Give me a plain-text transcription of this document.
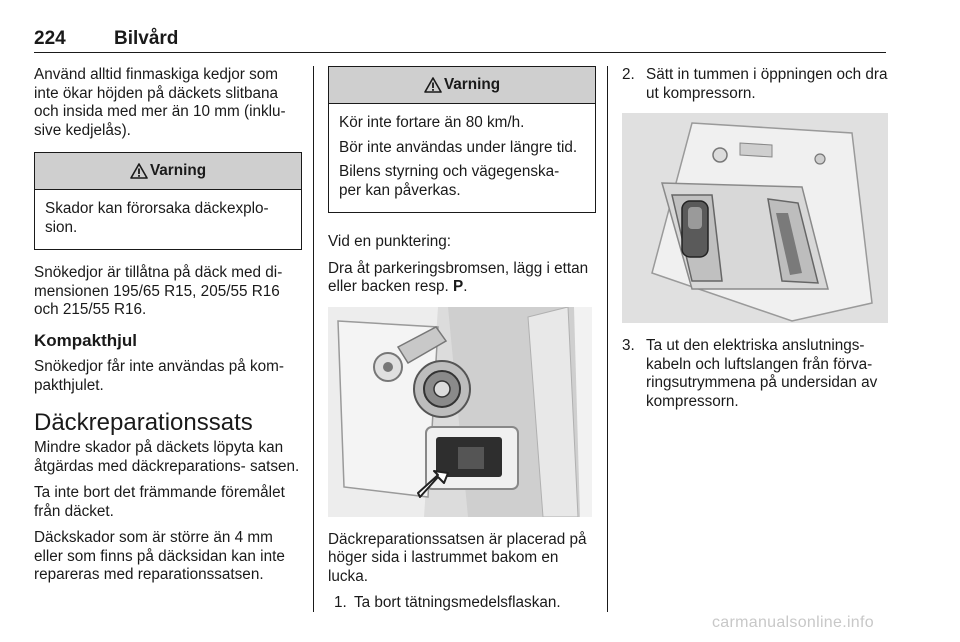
224	Bilvård
Använd alltid finmaskiga kedjor som inte ökar höjden på däckets slitbana och insida med mer än 10 mm (inklu- sive kedjelås).
Varning
Skador kan förorsaka däckexplo- sion.
Snökedjor är tillåtna på däck med di- mensionen 195/65 R15, 205/55 R16 och 215/55 R16.
Kompakthjul
Snökedjor får inte användas på kom- pakthjulet.
Däckreparationssats
Mindre skador på däckets löpyta kan åtgärdas med däckreparations- satsen.
Ta inte bort det främmande föremålet från däcket.
Däckskador som är större än 4 mm eller som finns på däcksidan kan inte repareras med reparationssatsen.
Varning
Kör inte fortare än 80 km/h.
Bör inte användas under längre tid.
Bilens styrning och vägegenska- per kan påverkas.
Vid en punktering:
Dra åt parkeringsbromsen, lägg i ettan eller backen resp. P.
Däckreparationssatsen är placerad på höger sida i lastrummet bakom en lucka.
1. Ta bort tätningsmedelsflaskan.
2. Sätt in tummen i öppningen och dra ut kompressorn.
3. Ta ut den elektriska anslutnings- kabeln och luftslangen från förva- ringsutrymmena på undersidan av kompressorn.
carmanualsonline.info
